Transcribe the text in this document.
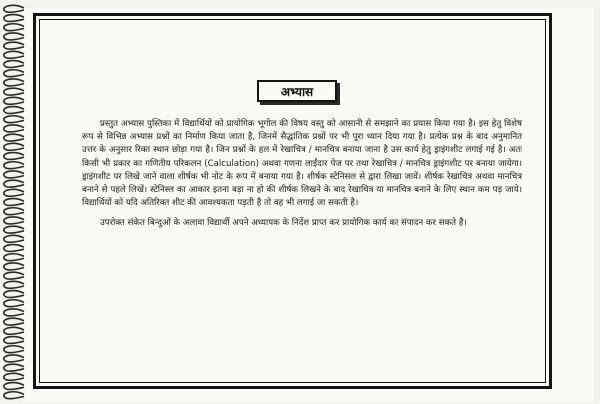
अभ्यास

प्रस्तुत अभ्यास पुस्तिका में विद्यार्थियों को प्रायोगिक भूगोल की विषय वस्तु को आसानी से समझाने का प्रयास किया गया है। इस हेतु विशेष रूप से विभिन्न अभ्यास प्रश्नों का निर्माण किया जाता है, जिनमें सैद्धांतिक प्रश्नों पर भी पूरा ध्यान दिया गया है। प्रत्येक प्रश्न के बाद अनुमानित उत्तर के अनुसार रिक्त स्थान छोड़ा गया है। जिन प्रश्नों के हल में रेखाचित्र / मानचित्र बनाया जाना है उस कार्य हेतु ड्राइंगशीट लगाई गई है। अतः किसी भी प्रकार का गणितीय परिकलन (Calculation) अथवा गणना लाईंदार पेज पर तथा रेखाचित्र / मानचित्र ड्राइंगशीट पर बनाया जायेगा। ड्राइंगशीट पर लिखे जाने वाला शीर्षक भी नोट के रूप में बनाया गया है। शीर्षक स्टेनिसल से द्वारा लिखा जावें। शीर्षक रेखाचित्र अथवा मानचित्र बनाने से पहले लिखें। स्टेनिस्ल का आकार इतना बड़ा ना हो की शीर्षक लिखने के बाद रेखाचित्र या मानचित्र बनाने के लिए स्थान कम पड़ जाये। विद्यार्थियों को यदि अतिरिक्त शीट की आवश्यकता पड़ती है तो वह भी लगाई जा सकती है।

उपरोक्त संकेत बिन्दुओं के अलावा विद्यार्थी अपने अध्यापक के निर्देश प्राप्त कर प्रायोगिक कार्य का संपादन कर सकते हैं।
